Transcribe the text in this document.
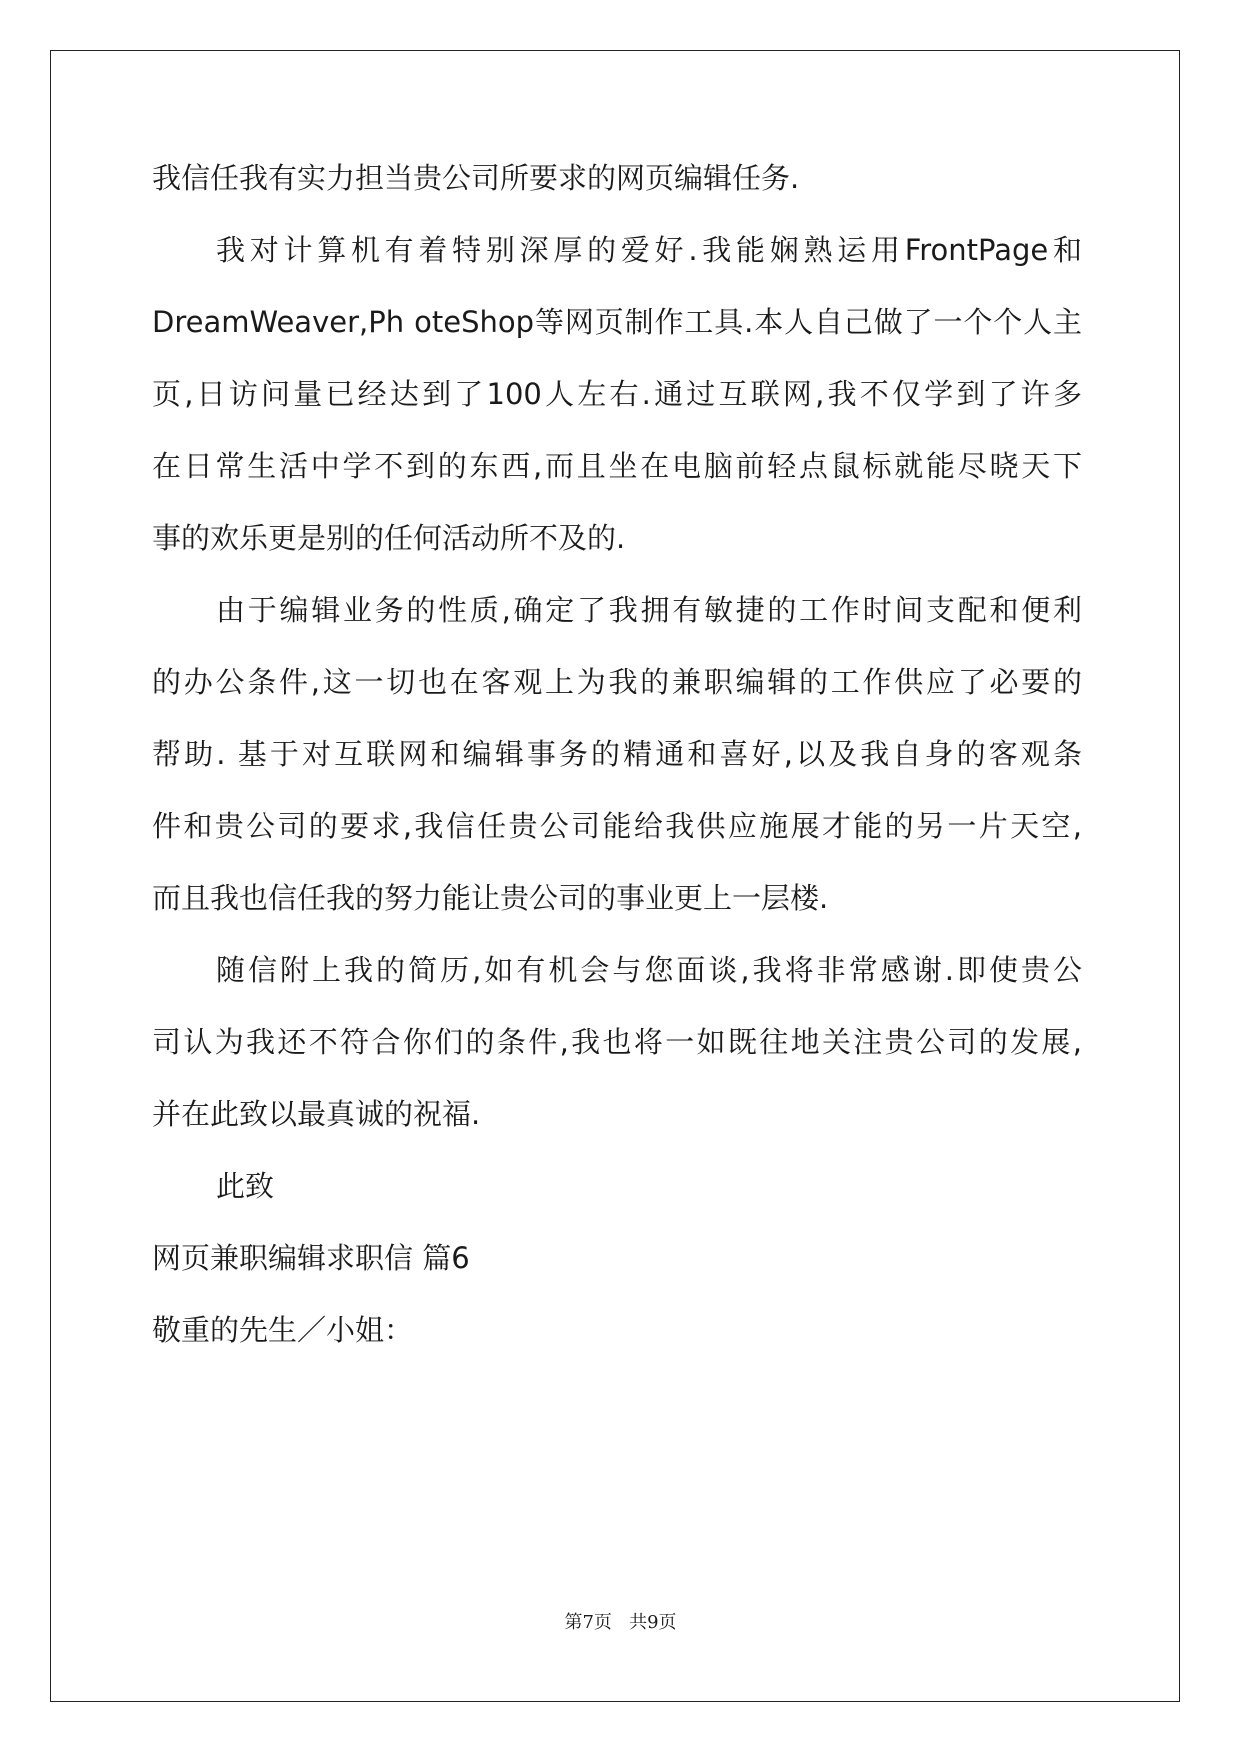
我信任我有实力担当贵公司所要求的网页编辑任务.
我对计算机有着特别深厚的爱好.我能娴熟运用FrontPage和
DreamWeaver,Ph oteShop等网页制作工具.本人自己做了一个个人主
页,日访问量已经达到了100人左右.通过互联网,我不仅学到了许多
在日常生活中学不到的东西,而且坐在电脑前轻点鼠标就能尽晓天下
事的欢乐更是别的任何活动所不及的.
由于编辑业务的性质,确定了我拥有敏捷的工作时间支配和便利
的办公条件,这一切也在客观上为我的兼职编辑的工作供应了必要的
帮助. 基于对互联网和编辑事务的精通和喜好,以及我自身的客观条
件和贵公司的要求,我信任贵公司能给我供应施展才能的另一片天空,
而且我也信任我的努力能让贵公司的事业更上一层楼.
随信附上我的简历,如有机会与您面谈,我将非常感谢.即使贵公
司认为我还不符合你们的条件,我也将一如既往地关注贵公司的发展,
并在此致以最真诚的祝福.
此致
网页兼职编辑求职信 篇6
敬重的先生／小姐：
第7页   共9页
